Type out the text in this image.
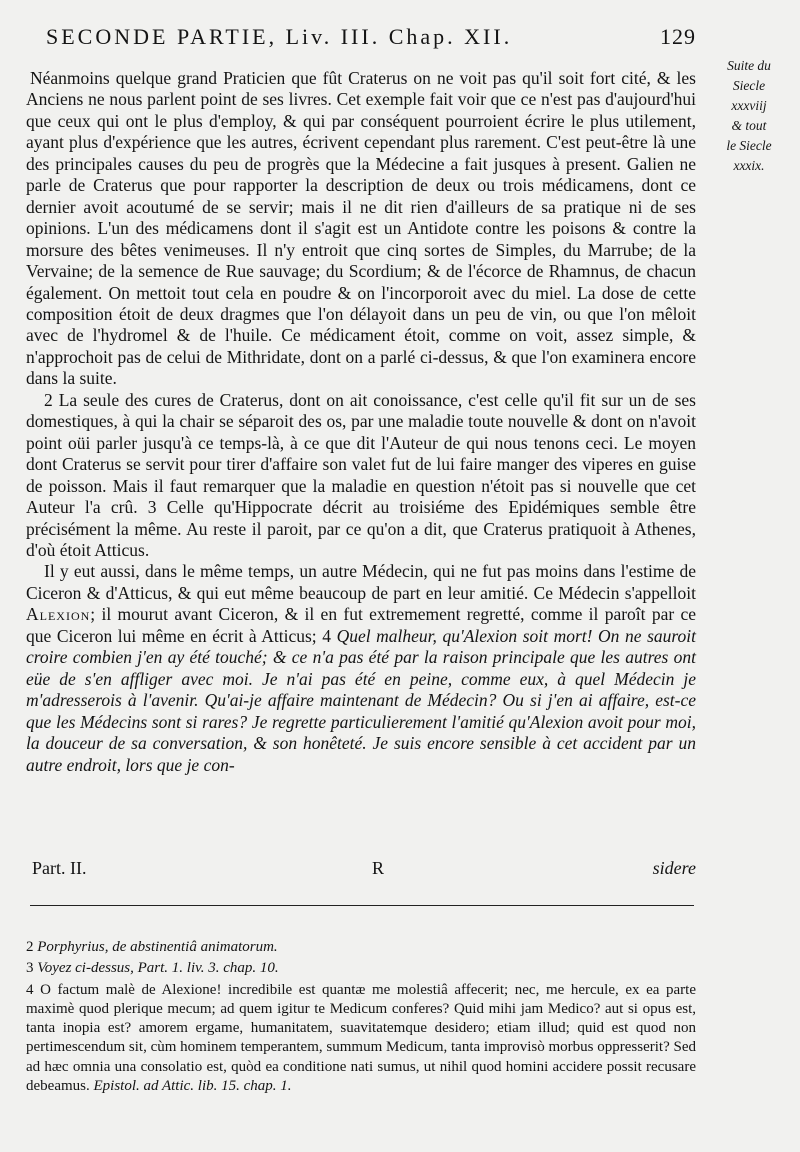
SECONDE PARTIE, Liv. III. Chap. XII.	129
Suite du
Siecle
xxxviij
& tout
le Siecle
xxxix.

Néanmoins quelque grand Praticien que fût Craterus on ne voit pas qu'il soit fort cité, & les Anciens ne nous parlent point de ses livres. Cet exemple fait voir que ce n'est pas d'aujourd'hui que ceux qui ont le plus d'employ, & qui par conséquent pourroient écrire le plus utilement, ayant plus d'expérience que les autres, écrivent cependant plus rarement. C'est peut-être là une des principales causes du peu de progrès que la Médecine a fait jusques à present. Galien ne parle de Craterus que pour rapporter la description de deux ou trois médicamens, dont ce dernier avoit acoutumé de se servir; mais il ne dit rien d'ailleurs de sa pratique ni de ses opinions. L'un des médicamens dont il s'agit est un Antidote contre les poisons & contre la morsure des bêtes venimeuses. Il n'y entroit que cinq sortes de Simples, du Marrube; de la Vervaine; de la semence de Rue sauvage; du Scordium; & de l'écorce de Rhamnus, de chacun également. On mettoit tout cela en poudre & on l'incorporoit avec du miel. La dose de cette composition étoit de deux dragmes que l'on délayoit dans un peu de vin, ou que l'on mêloit avec de l'hydromel & de l'huile. Ce médicament étoit, comme on voit, assez simple, & n'approchoit pas de celui de Mithridate, dont on a parlé ci-dessus, & que l'on examinera encore dans la suite.

2 La seule des cures de Craterus, dont on ait conoissance, c'est celle qu'il fit sur un de ses domestiques, à qui la chair se séparoit des os, par une maladie toute nouvelle & dont on n'avoit point oüi parler jusqu'à ce temps-là, à ce que dit l'Auteur de qui nous tenons ceci. Le moyen dont Craterus se servit pour tirer d'affaire son valet fut de lui faire manger des viperes en guise de poisson. Mais il faut remarquer que la maladie en question n'étoit pas si nouvelle que cet Auteur l'a crû. 3 Celle qu'Hippocrate décrit au troisiéme des Epidémiques semble être précisément la même. Au reste il paroit, par ce qu'on a dit, que Craterus pratiquoit à Athenes, d'où étoit Atticus.

Il y eut aussi, dans le même temps, un autre Médecin, qui ne fut pas moins dans l'estime de Ciceron & d'Atticus, & qui eut même beaucoup de part en leur amitié. Ce Médecin s'appelloit Alexion; il mourut avant Ciceron, & il en fut extremement regretté, comme il paroît par ce que Ciceron lui même en écrit à Atticus; 4 Quel malheur, qu'Alexion soit mort! On ne sauroit croire combien j'en ay été touché; & ce n'a pas été par la raison principale que les autres ont eüe de s'en affliger avec moi. Je n'ai pas été en peine, comme eux, à quel Médecin je m'adresserois à l'avenir. Qu'ai-je affaire maintenant de Médecin? Ou si j'en ai affaire, est-ce que les Médecins sont si rares? Je regrette particulierement l'amitié qu'Alexion avoit pour moi, la douceur de sa conversation, & son honêteté. Je suis encore sensible à cet accident par un autre endroit, lors que je con-

Part. II.	R	sidere
2 Porphyrius, de abstinentiâ animatorum.
3 Voyez ci-dessus, Part. 1. liv. 3. chap. 10.
4 O factum malè de Alexione! incredibile est quantæ me molestiâ affecerit; nec, me hercule, ex ea parte maximè quod plerique mecum; ad quem igitur te Medicum conferes? Quid mihi jam Medico? aut si opus est, tanta inopia est? amorem ergame, humanitatem, suavitatemque desidero; etiam illud; quid est quod non pertimescendum sit, cùm hominem temperantem, summum Medicum, tanta improvisò morbus oppresserit? Sed ad hæc omnia una consolatio est, quòd ea conditione nati sumus, ut nihil quod homini accidere possit recusare debeamus. Epistol. ad Attic. lib. 15. chap. 1.
